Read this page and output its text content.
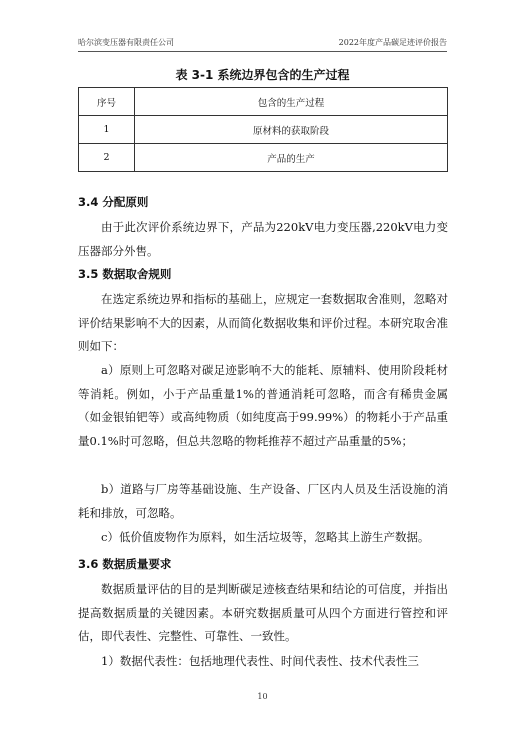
哈尔滨变压器有限责任公司	2022年度产品碳足迹评价报告
表 3-1 系统边界包含的生产过程
序号	包含的生产过程
1	原材料的获取阶段
2	产品的生产
3.4 分配原则
由于此次评价系统边界下，产品为220kV电力变压器,220kV电力变压器部分外售。
3.5 数据取舍规则
在选定系统边界和指标的基础上，应规定一套数据取舍准则，忽略对评价结果影响不大的因素，从而简化数据收集和评价过程。本研究取舍准则如下：
a）原则上可忽略对碳足迹影响不大的能耗、原辅料、使用阶段耗材等消耗。例如，小于产品重量1%的普通消耗可忽略，而含有稀贵金属（如金银铂钯等）或高纯物质（如纯度高于99.99%）的物耗小于产品重量0.1%时可忽略，但总共忽略的物耗推荐不超过产品重量的5%；
b）道路与厂房等基础设施、生产设备、厂区内人员及生活设施的消耗和排放，可忽略。
c）低价值废物作为原料，如生活垃圾等，忽略其上游生产数据。
3.6 数据质量要求
数据质量评估的目的是判断碳足迹核查结果和结论的可信度，并指出提高数据质量的关键因素。本研究数据质量可从四个方面进行管控和评估，即代表性、完整性、可靠性、一致性。
1）数据代表性：包括地理代表性、时间代表性、技术代表性三
10
